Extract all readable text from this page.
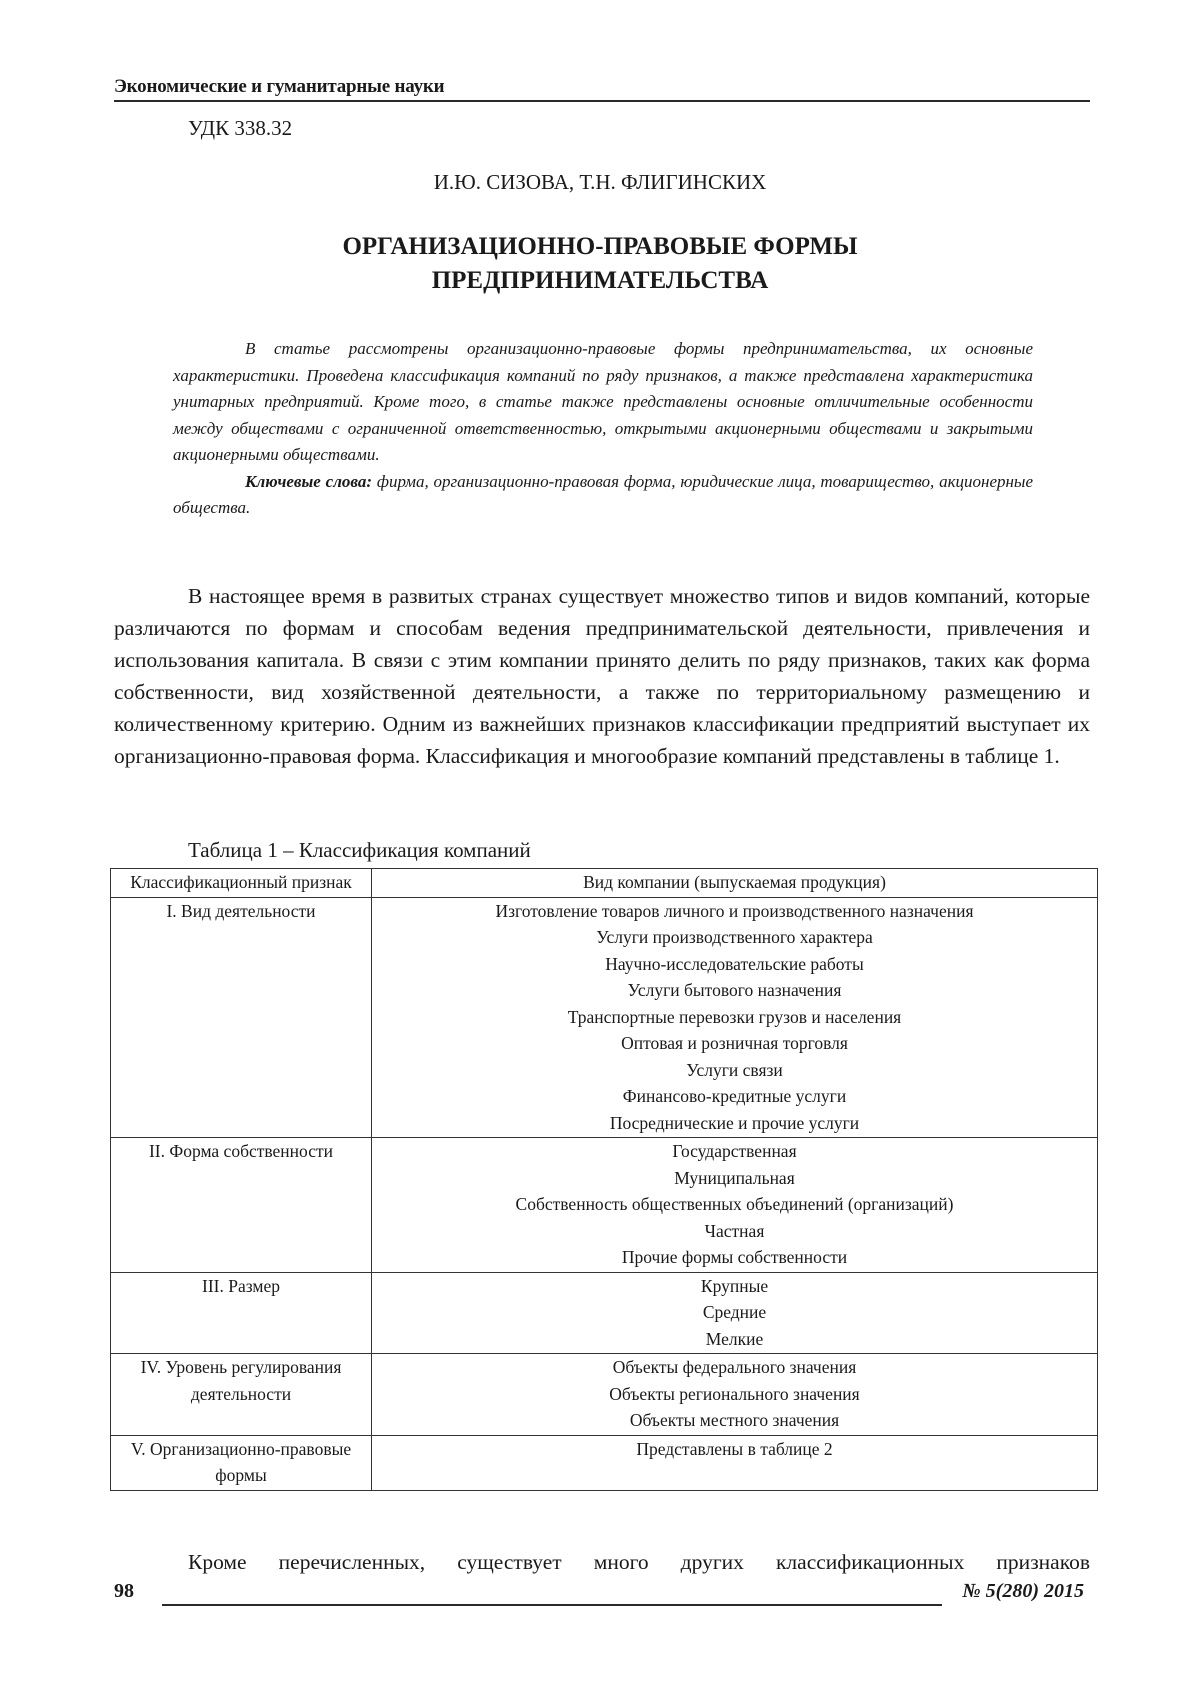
Экономические и гуманитарные науки
УДК 338.32
И.Ю. СИЗОВА, Т.Н. ФЛИГИНСКИХ
ОРГАНИЗАЦИОННО-ПРАВОВЫЕ ФОРМЫ
ПРЕДПРИНИМАТЕЛЬСТВА

В статье рассмотрены организационно-правовые формы предпринимательства, их основные характеристики. Проведена классификация компаний по ряду признаков, а также представлена характеристика унитарных предприятий. Кроме того, в статье также представлены основные отличительные особенности между обществами с ограниченной ответственностью, открытыми акционерными обществами и закрытыми акционерными обществами.

Ключевые слова: фирма, организационно-правовая форма, юридические лица, товарищество, акционерные общества.

В настоящее время в развитых странах существует множество типов и видов компаний, которые различаются по формам и способам ведения предпринимательской деятельности, привлечения и использования капитала. В связи с этим компании принято делить по ряду признаков, таких как форма собственности, вид хозяйственной деятельности, а также по территориальному размещению и количественному критерию. Одним из важнейших признаков классификации предприятий выступает их организационно-правовая форма. Классификация и многообразие компаний представлены в таблице 1.

Таблица 1 – Классификация компаний
Классификационный признак	Вид компании (выпускаемая продукция)
I. Вид деятельности	Изготовление товаров личного и производственного назначения
Услуги производственного характера
Научно-исследовательские работы
Услуги бытового назначения
Транспортные перевозки грузов и населения
Оптовая и розничная торговля
Услуги связи
Финансово-кредитные услуги
Посреднические и прочие услуги

II. Форма собственности	Государственная
Муниципальная
Собственность общественных объединений (организаций)
Частная
Прочие формы собственности

III. Размер	Крупные
Средние
Мелкие

IV. Уровень регулирования деятельности	Объекты федерального значения
Объекты регионального значения
Объекты местного значения

V. Организационно-правовые формы	Представлены в таблице 2

Кроме перечисленных, существует много других классификационных признаков

98	№ 5(280) 2015
